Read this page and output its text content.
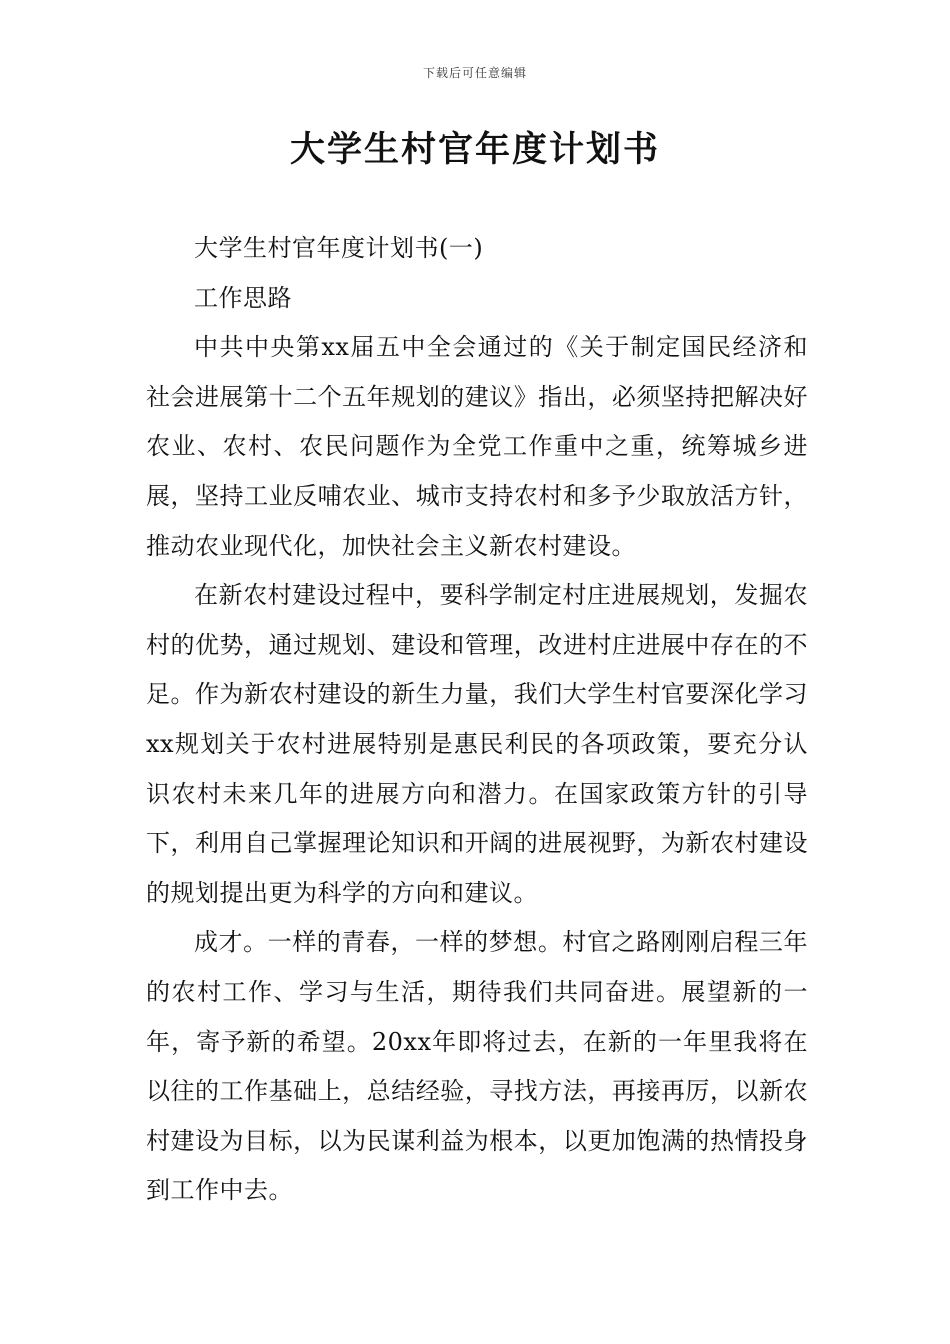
下载后可任意编辑
大学生村官年度计划书

大学生村官年度计划书(一)

工作思路

中共中央第xx届五中全会通过的《关于制定国民经济和社会进展第十二个五年规划的建议》指出，必须坚持把解决好农业、农村、农民问题作为全党工作重中之重，统筹城乡进展，坚持工业反哺农业、城市支持农村和多予少取放活方针， 推动农业现代化，加快社会主义新农村建设。

在新农村建设过程中，要科学制定村庄进展规划，发掘农村的优势，通过规划、建设和管理，改进村庄进展中存在的不足。作为新农村建设的新生力量，我们大学生村官要深化学习xx规划关于农村进展特别是惠民利民的各项政策，要充分认识农村未来几年的进展方向和潜力。在国家政策方针的引导下，利用自己掌握理论知识和开阔的进展视野，为新农村建设的规划提出更为科学的方向和建议。

成才。一样的青春，一样的梦想。村官之路刚刚启程三年的农村工作、学习与生活，期待我们共同奋进。展望新的一年，寄予新的希望。20xx年即将过去，在新的一年里我将在以往的工作基础上，总结经验，寻找方法，再接再厉，以新农村建设为目标，以为民谋利益为根本，以更加饱满的热情投身到工作中去。
